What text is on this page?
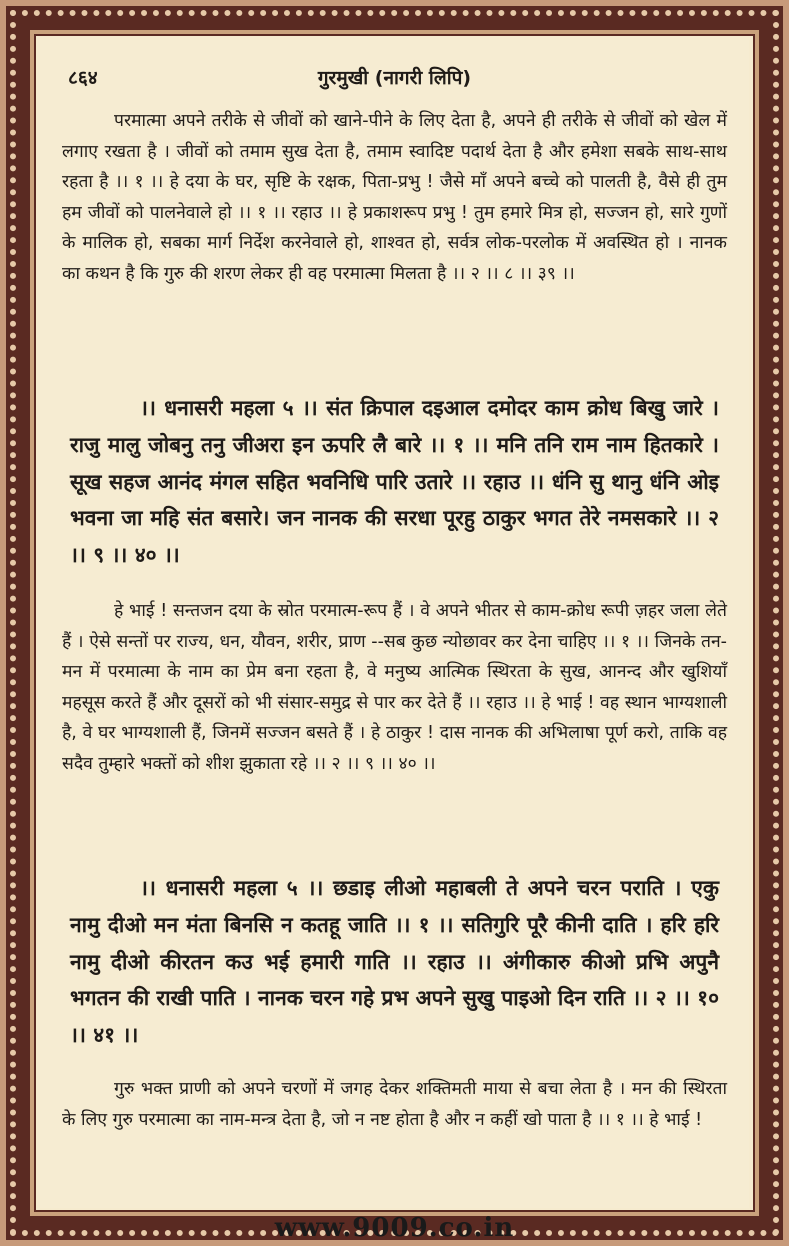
८६४	गुरमुखी (नागरी लिपि)
परमात्मा अपने तरीके से जीवों को खाने-पीने के लिए देता है, अपने ही तरीके से जीवों को खेल में लगाए रखता है । जीवों को तमाम सुख देता है, तमाम स्वादिष्ट पदार्थ देता है और हमेशा सबके साथ-साथ रहता है ।। १ ।। हे दया के घर, सृष्टि के रक्षक, पिता-प्रभु ! जैसे माँ अपने बच्चे को पालती है, वैसे ही तुम हम जीवों को पालनेवाले हो ।। १ ।। रहाउ ।। हे प्रकाशरूप प्रभु ! तुम हमारे मित्र हो, सज्जन हो, सारे गुणों के मालिक हो, सबका मार्ग निर्देश करनेवाले हो, शाश्वत हो, सर्वत्र लोक-परलोक में अवस्थित हो । नानक का कथन है कि गुरु की शरण लेकर ही वह परमात्मा मिलता है ।। २ ।। ८ ।। ३९ ।।
।। धनासरी महला ५ ।। संत क्रिपाल दइआल दमोदर काम क्रोध बिखु जारे । राजु मालु जोबनु तनु जीअरा इन ऊपरि लै बारे ।। १ ।। मनि तनि राम नाम हितकारे । सूख सहज आनंद मंगल सहित भवनिधि पारि उतारे ।। रहाउ ।। धंनि सु थानु धंनि ओइ भवना जा महि संत बसारे। जन नानक की सरधा पूरहु ठाकुर भगत तेरे नमसकारे ।। २ ।। ९ ।। ४० ।।
हे भाई ! सन्तजन दया के स्रोत परमात्म-रूप हैं । वे अपने भीतर से काम-क्रोध रूपी ज़हर जला लेते हैं । ऐसे सन्तों पर राज्य, धन, यौवन, शरीर, प्राण --सब कुछ न्योछावर कर देना चाहिए ।। १ ।। जिनके तन-मन में परमात्मा के नाम का प्रेम बना रहता है, वे मनुष्य आत्मिक स्थिरता के सुख, आनन्द और खुशियाँ महसूस करते हैं और दूसरों को भी संसार-समुद्र से पार कर देते हैं ।। रहाउ ।। हे भाई ! वह स्थान भाग्यशाली है, वे घर भाग्यशाली हैं, जिनमें सज्जन बसते हैं । हे ठाकुर ! दास नानक की अभिलाषा पूर्ण करो, ताकि वह सदैव तुम्हारे भक्तों को शीश झुकाता रहे ।। २ ।। ९ ।। ४० ।।
।। धनासरी महला ५ ।। छडाइ लीओ महाबली ते अपने चरन पराति । एकु नामु दीओ मन मंता बिनसि न कतहू जाति ।। १ ।। सतिगुरि पूरै कीनी दाति । हरि हरि नामु दीओ कीरतन कउ भई हमारी गाति ।। रहाउ ।। अंगीकारु कीओ प्रभि अपुनै भगतन की राखी पाति । नानक चरन गहे प्रभ अपने सुखु पाइओ दिन राति ।। २ ।। १० ।। ४१ ।।
गुरु भक्त प्राणी को अपने चरणों में जगह देकर शक्तिमती माया से बचा लेता है । मन की स्थिरता के लिए गुरु परमात्मा का नाम-मन्त्र देता है, जो न नष्ट होता है और न कहीं खो पाता है ।। १ ।। हे भाई !
www.9009.co.in
